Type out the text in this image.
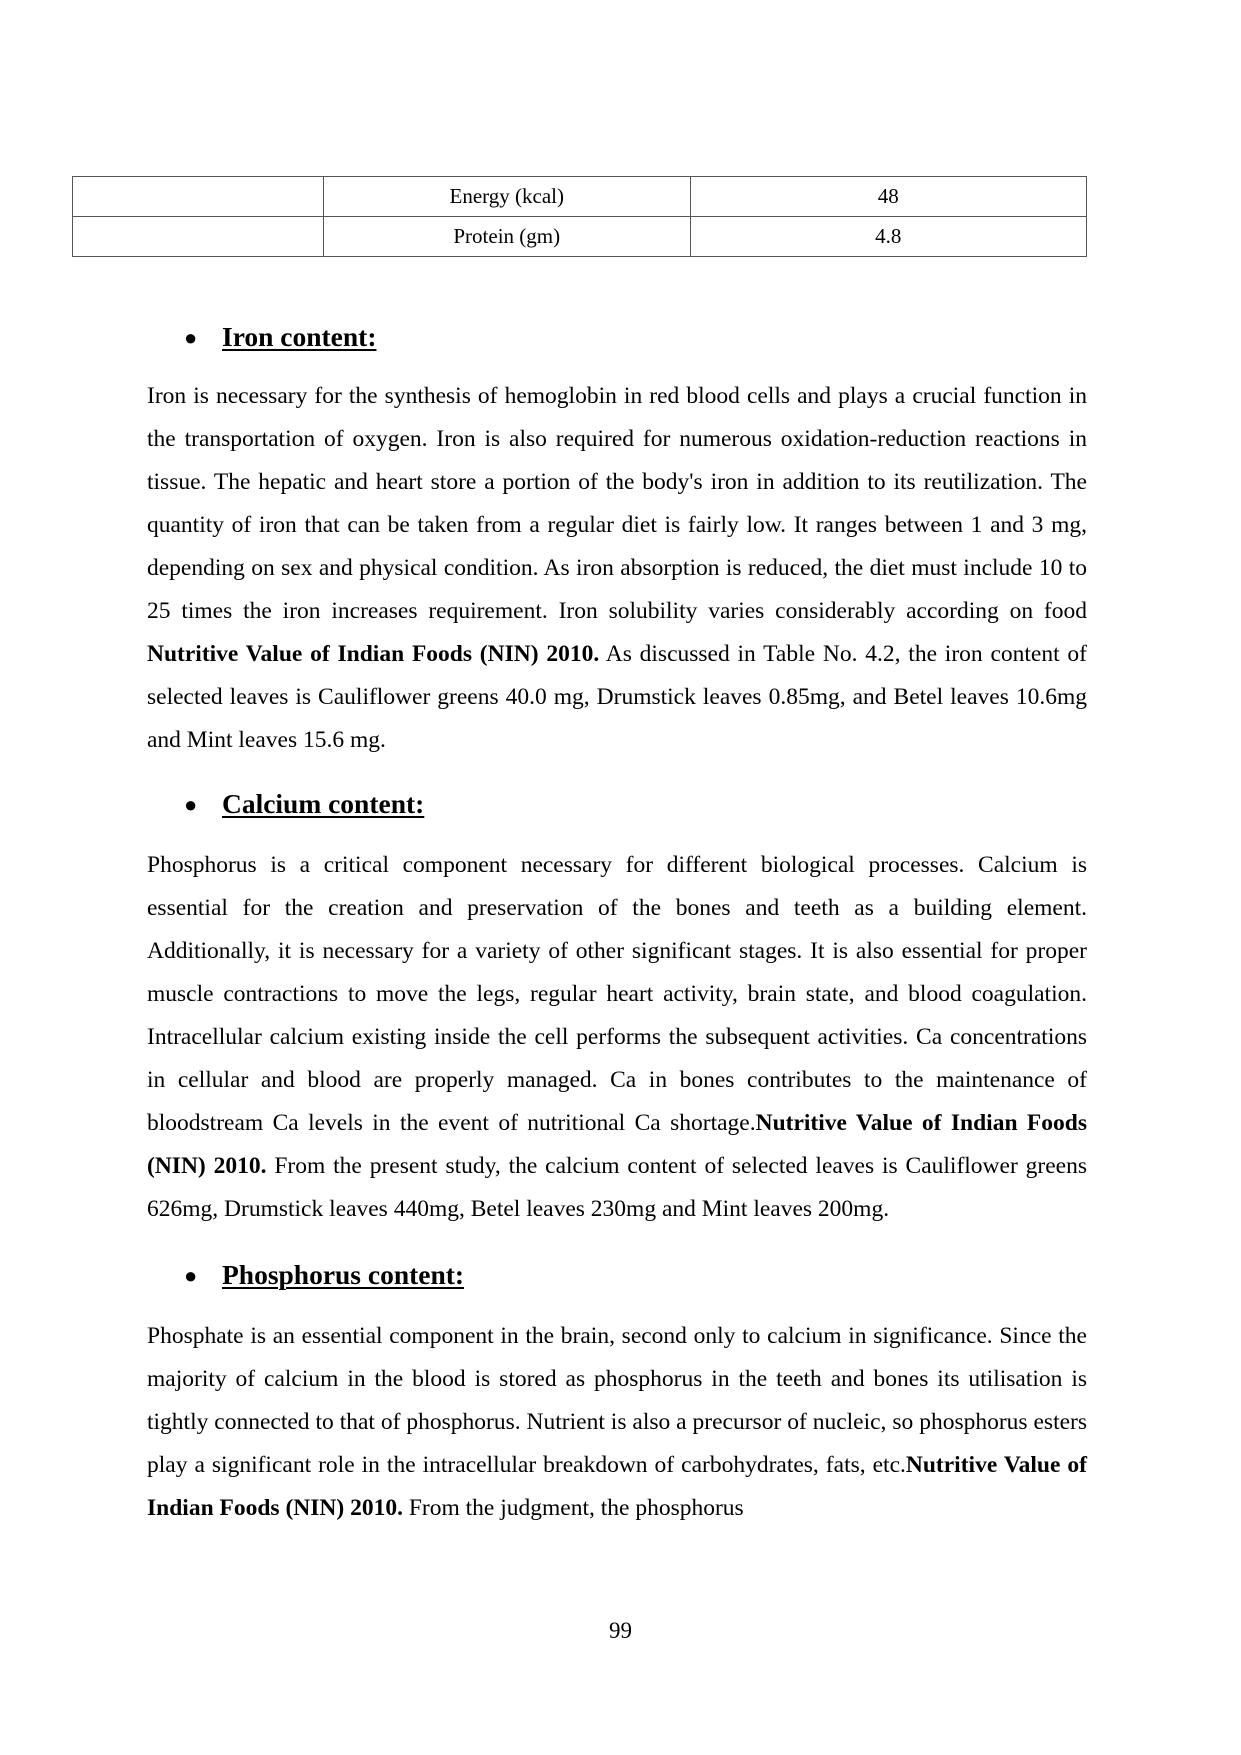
	Energy (kcal)	48
	Protein (gm)	4.8
● Iron content:

Iron is necessary for the synthesis of hemoglobin in red blood cells and plays a crucial function in the transportation of oxygen. Iron is also required for numerous oxidation-reduction reactions in tissue. The hepatic and heart store a portion of the body's iron in addition to its reutilization. The quantity of iron that can be taken from a regular diet is fairly low. It ranges between 1 and 3 mg, depending on sex and physical condition. As iron absorption is reduced, the diet must include 10 to 25 times the iron increases requirement. Iron solubility varies considerably according on food Nutritive Value of Indian Foods (NIN) 2010. As discussed in Table No. 4.2, the iron content of selected leaves is Cauliflower greens 40.0 mg, Drumstick leaves 0.85mg, and Betel leaves 10.6mg and Mint leaves 15.6 mg.

● Calcium content:

Phosphorus is a critical component necessary for different biological processes. Calcium is essential for the creation and preservation of the bones and teeth as a building element. Additionally, it is necessary for a variety of other significant stages. It is also essential for proper muscle contractions to move the legs, regular heart activity, brain state, and blood coagulation. Intracellular calcium existing inside the cell performs the subsequent activities. Ca concentrations in cellular and blood are properly managed. Ca in bones contributes to the maintenance of bloodstream Ca levels in the event of nutritional Ca shortage.Nutritive Value of Indian Foods (NIN) 2010. From the present study, the calcium content of selected leaves is Cauliflower greens 626mg, Drumstick leaves 440mg, Betel leaves 230mg and Mint leaves 200mg.

● Phosphorus content:

Phosphate is an essential component in the brain, second only to calcium in significance. Since the majority of calcium in the blood is stored as phosphorus in the teeth and bones its utilisation is tightly connected to that of phosphorus. Nutrient is also a precursor of nucleic, so phosphorus esters play a significant role in the intracellular breakdown of carbohydrates, fats, etc.Nutritive Value of Indian Foods (NIN) 2010. From the judgment, the phosphorus

99
